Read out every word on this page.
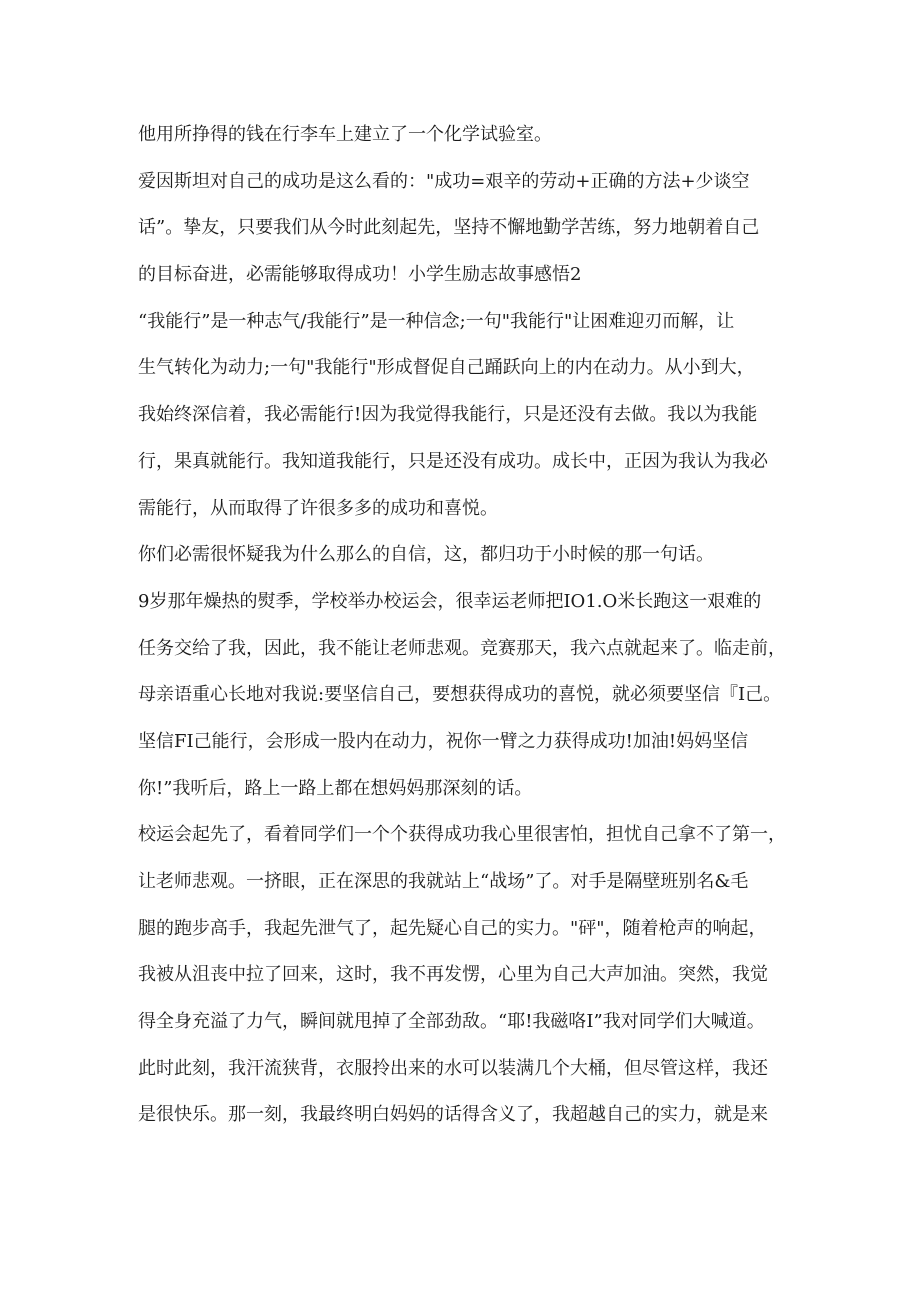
他用所挣得的钱在行李车上建立了一个化学试验室。
爱因斯坦对自己的成功是这么看的："成功=艰辛的劳动+正确的方法+少谈空
话”。挚友，只要我们从今时此刻起先，坚持不懈地勤学苦练，努力地朝着自己
的目标奋进，必需能够取得成功！小学生励志故事感悟2
“我能行”是一种志气/我能行”是一种信念;一句"我能行"让困难迎刃而解，让
生气转化为动力;一句"我能行"形成督促自己踊跃向上的内在动力。从小到大，
我始终深信着，我必需能行!因为我觉得我能行，只是还没有去做。我以为我能
行，果真就能行。我知道我能行，只是还没有成功。成长中，正因为我认为我必
需能行，从而取得了许很多多的成功和喜悦。
你们必需很怀疑我为什么那么的自信，这，都归功于小时候的那一句话。
9岁那年燥热的熨季，学校举办校运会，很幸运老师把IO1.O米长跑这一艰难的
任务交给了我，因此，我不能让老师悲观。竞赛那天，我六点就起来了。临走前，
母亲语重心长地对我说:要坚信自己，要想获得成功的喜悦，就必须要坚信『I己。
坚信FI己能行，会形成一股内在动力，祝你一臂之力获得成功!加油!妈妈坚信
你!”我听后，路上一路上都在想妈妈那深刻的话。
校运会起先了，看着同学们一个个获得成功我心里很害怕，担忧自己拿不了第一，
让老师悲观。一挤眼，正在深思的我就站上“战场”了。对手是隔壁班别名&毛
腿的跑步高手，我起先泄气了，起先疑心自己的实力。"砰"，随着枪声的响起，
我被从沮丧中拉了回来，这时，我不再发愣，心里为自己大声加油。突然，我觉
得全身充溢了力气，瞬间就甩掉了全部劲敌。“耶!我磁咯I”我对同学们大喊道。
此时此刻，我汗流狭背，衣服拎出来的水可以装满几个大桶，但尽管这样，我还
是很快乐。那一刻，我最终明白妈妈的话得含义了，我超越自己的实力，就是来
